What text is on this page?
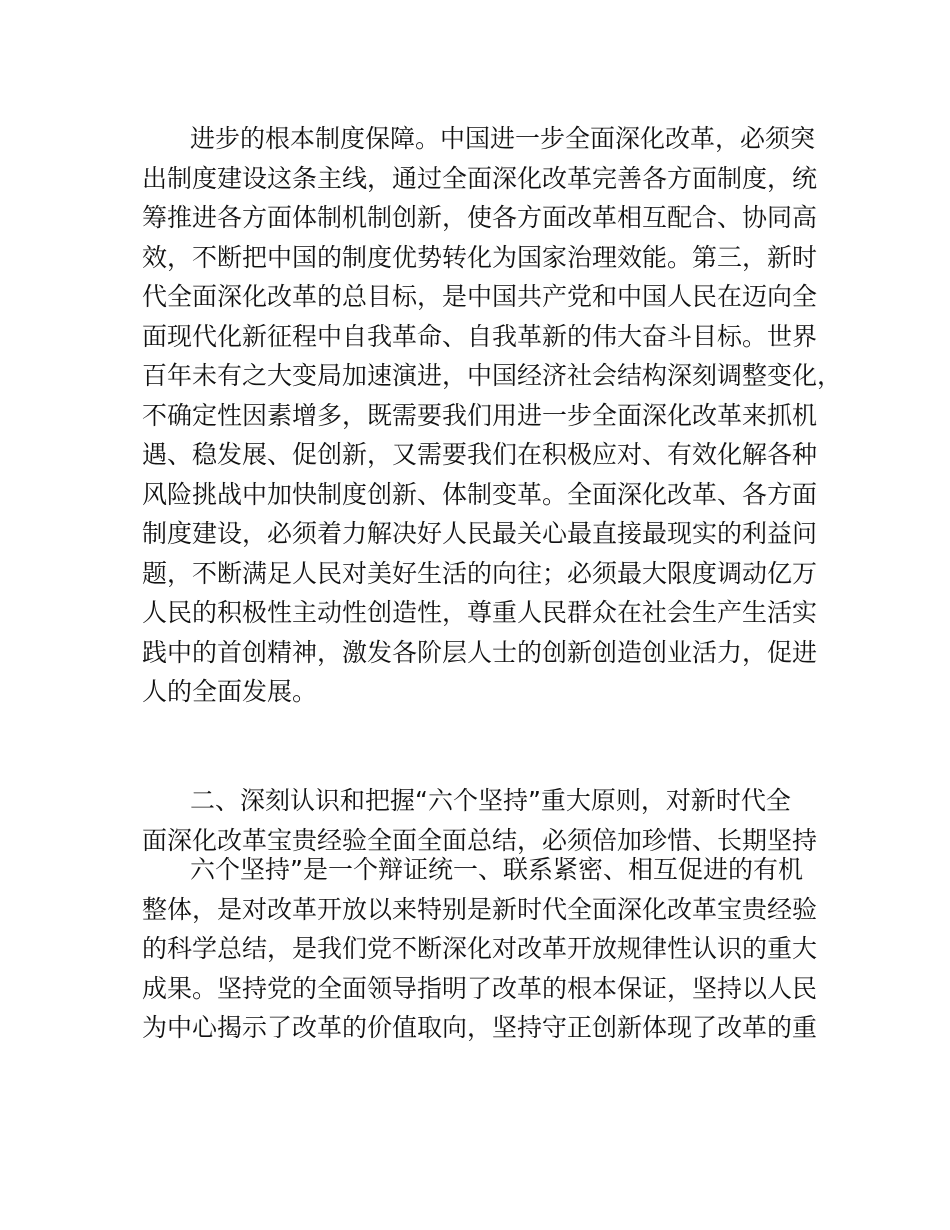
进步的根本制度保障。中国进一步全面深化改革，必须突
出制度建设这条主线，通过全面深化改革完善各方面制度，统
筹推进各方面体制机制创新，使各方面改革相互配合、协同高
效，不断把中国的制度优势转化为国家治理效能。第三，新时
代全面深化改革的总目标，是中国共产党和中国人民在迈向全
面现代化新征程中自我革命、自我革新的伟大奋斗目标。世界
百年未有之大变局加速演进，中国经济社会结构深刻调整变化，
不确定性因素增多，既需要我们用进一步全面深化改革来抓机
遇、稳发展、促创新，又需要我们在积极应对、有效化解各种
风险挑战中加快制度创新、体制变革。全面深化改革、各方面
制度建设，必须着力解决好人民最关心最直接最现实的利益问
题，不断满足人民对美好生活的向往；必须最大限度调动亿万
人民的积极性主动性创造性，尊重人民群众在社会生产生活实
践中的首创精神，激发各阶层人士的创新创造创业活力，促进
人的全面发展。
二、深刻认识和把握“六个坚持”重大原则，对新时代全
面深化改革宝贵经验全面全面总结，必须倍加珍惜、长期坚持
六个坚持”是一个辩证统一、联系紧密、相互促进的有机
整体，是对改革开放以来特别是新时代全面深化改革宝贵经验
的科学总结，是我们党不断深化对改革开放规律性认识的重大
成果。坚持党的全面领导指明了改革的根本保证，坚持以人民
为中心揭示了改革的价值取向，坚持守正创新体现了改革的重
